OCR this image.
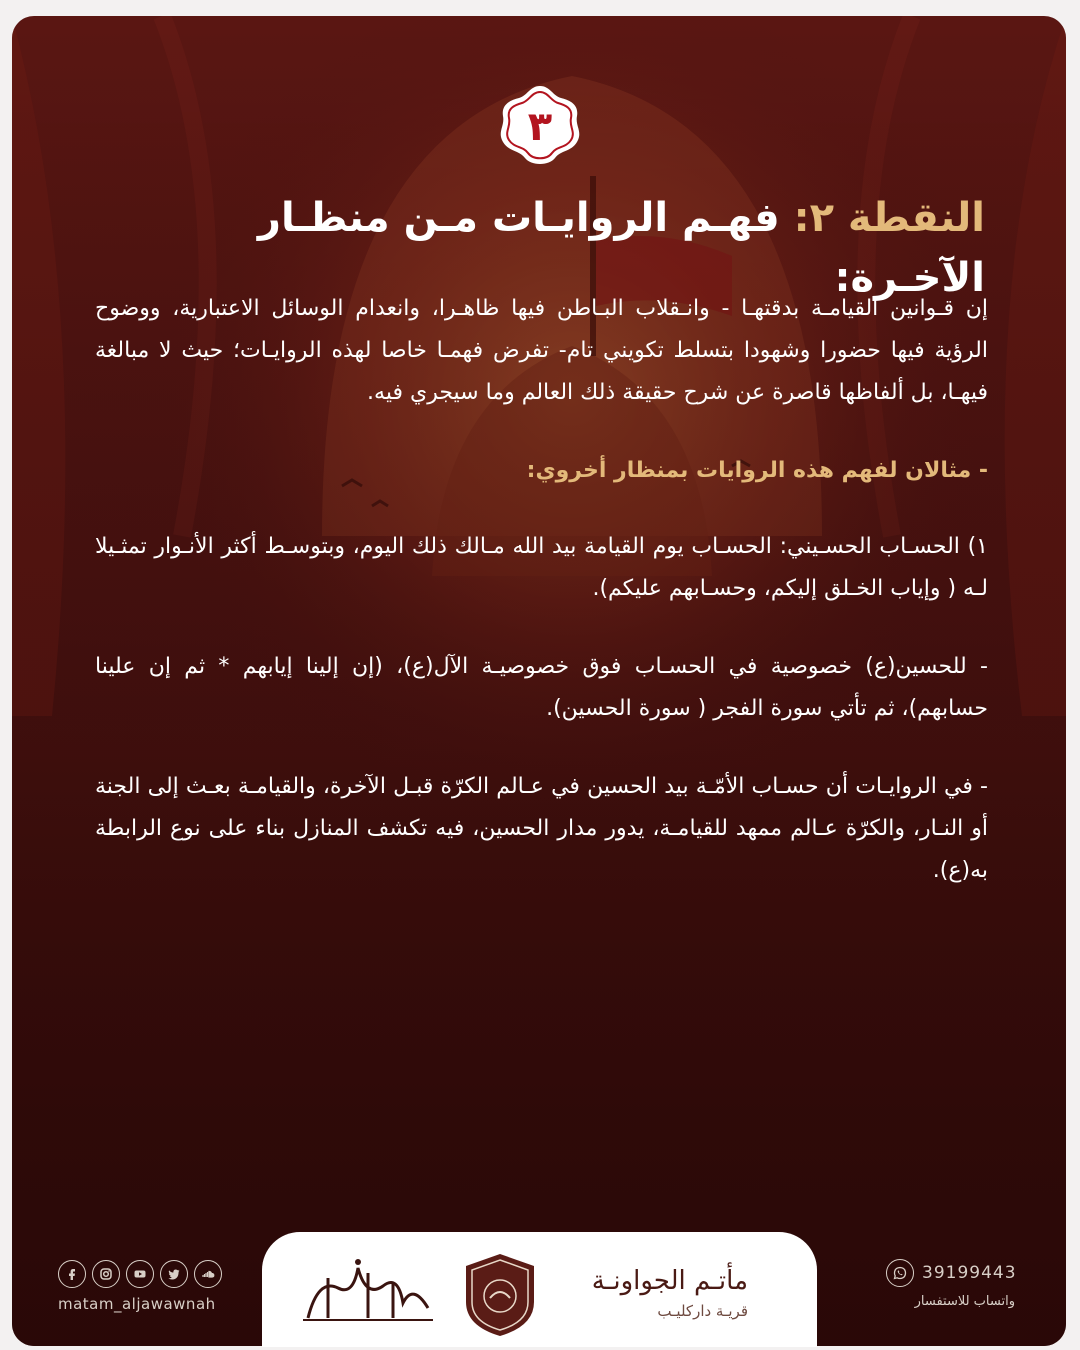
٣
النقطة ٢: فهـم الروايـات مـن منظـار الآخـرة:

إن قـوانين القيامـة بدقتهـا - وانـقلاب البـاطن فيها ظاهـرا، وانعدام الوسائل الاعتبارية، ووضوح الرؤية فيها حضورا وشهودا بتسلط تكويني تام- تفرض فهمـا خاصا لهذه الروايـات؛ حيث لا مبالغة فيهـا، بل ألفاظها قاصرة عن شرح حقيقة ذلك العالم وما سيجري فيه.

- مثالان لفهم هذه الروايات بمنظار أخروي:

١) الحسـاب الحسـيني: الحسـاب يوم القيامة بيد الله مـالك ذلك اليوم، وبتوسـط أكثر الأنـوار تمثـيلا لـه ( وإياب الخـلق إليكم، وحسـابهم عليكم).

- للحسين(ع) خصوصية في الحسـاب فوق خصوصيـة الآل(ع)، (إن إلينا إيابهم * ثم إن علينا حسابهم)، ثم تأتي سورة الفجر ( سورة الحسين).

- في الروايـات أن حسـاب الأمّـة بيد الحسين في عـالم الكرّة قبـل الآخرة، والقيامـة بعـث إلى الجنة أو النـار، والكرّة عـالم ممهد للقيامـة، يدور مدار الحسين، فيه تكشف المنازل بناء على نوع الرابطة به(ع).

مأتـم الجواونـة
قريـة داركليـب
matam_aljawawnah
39199443
واتساب للاستفسار
